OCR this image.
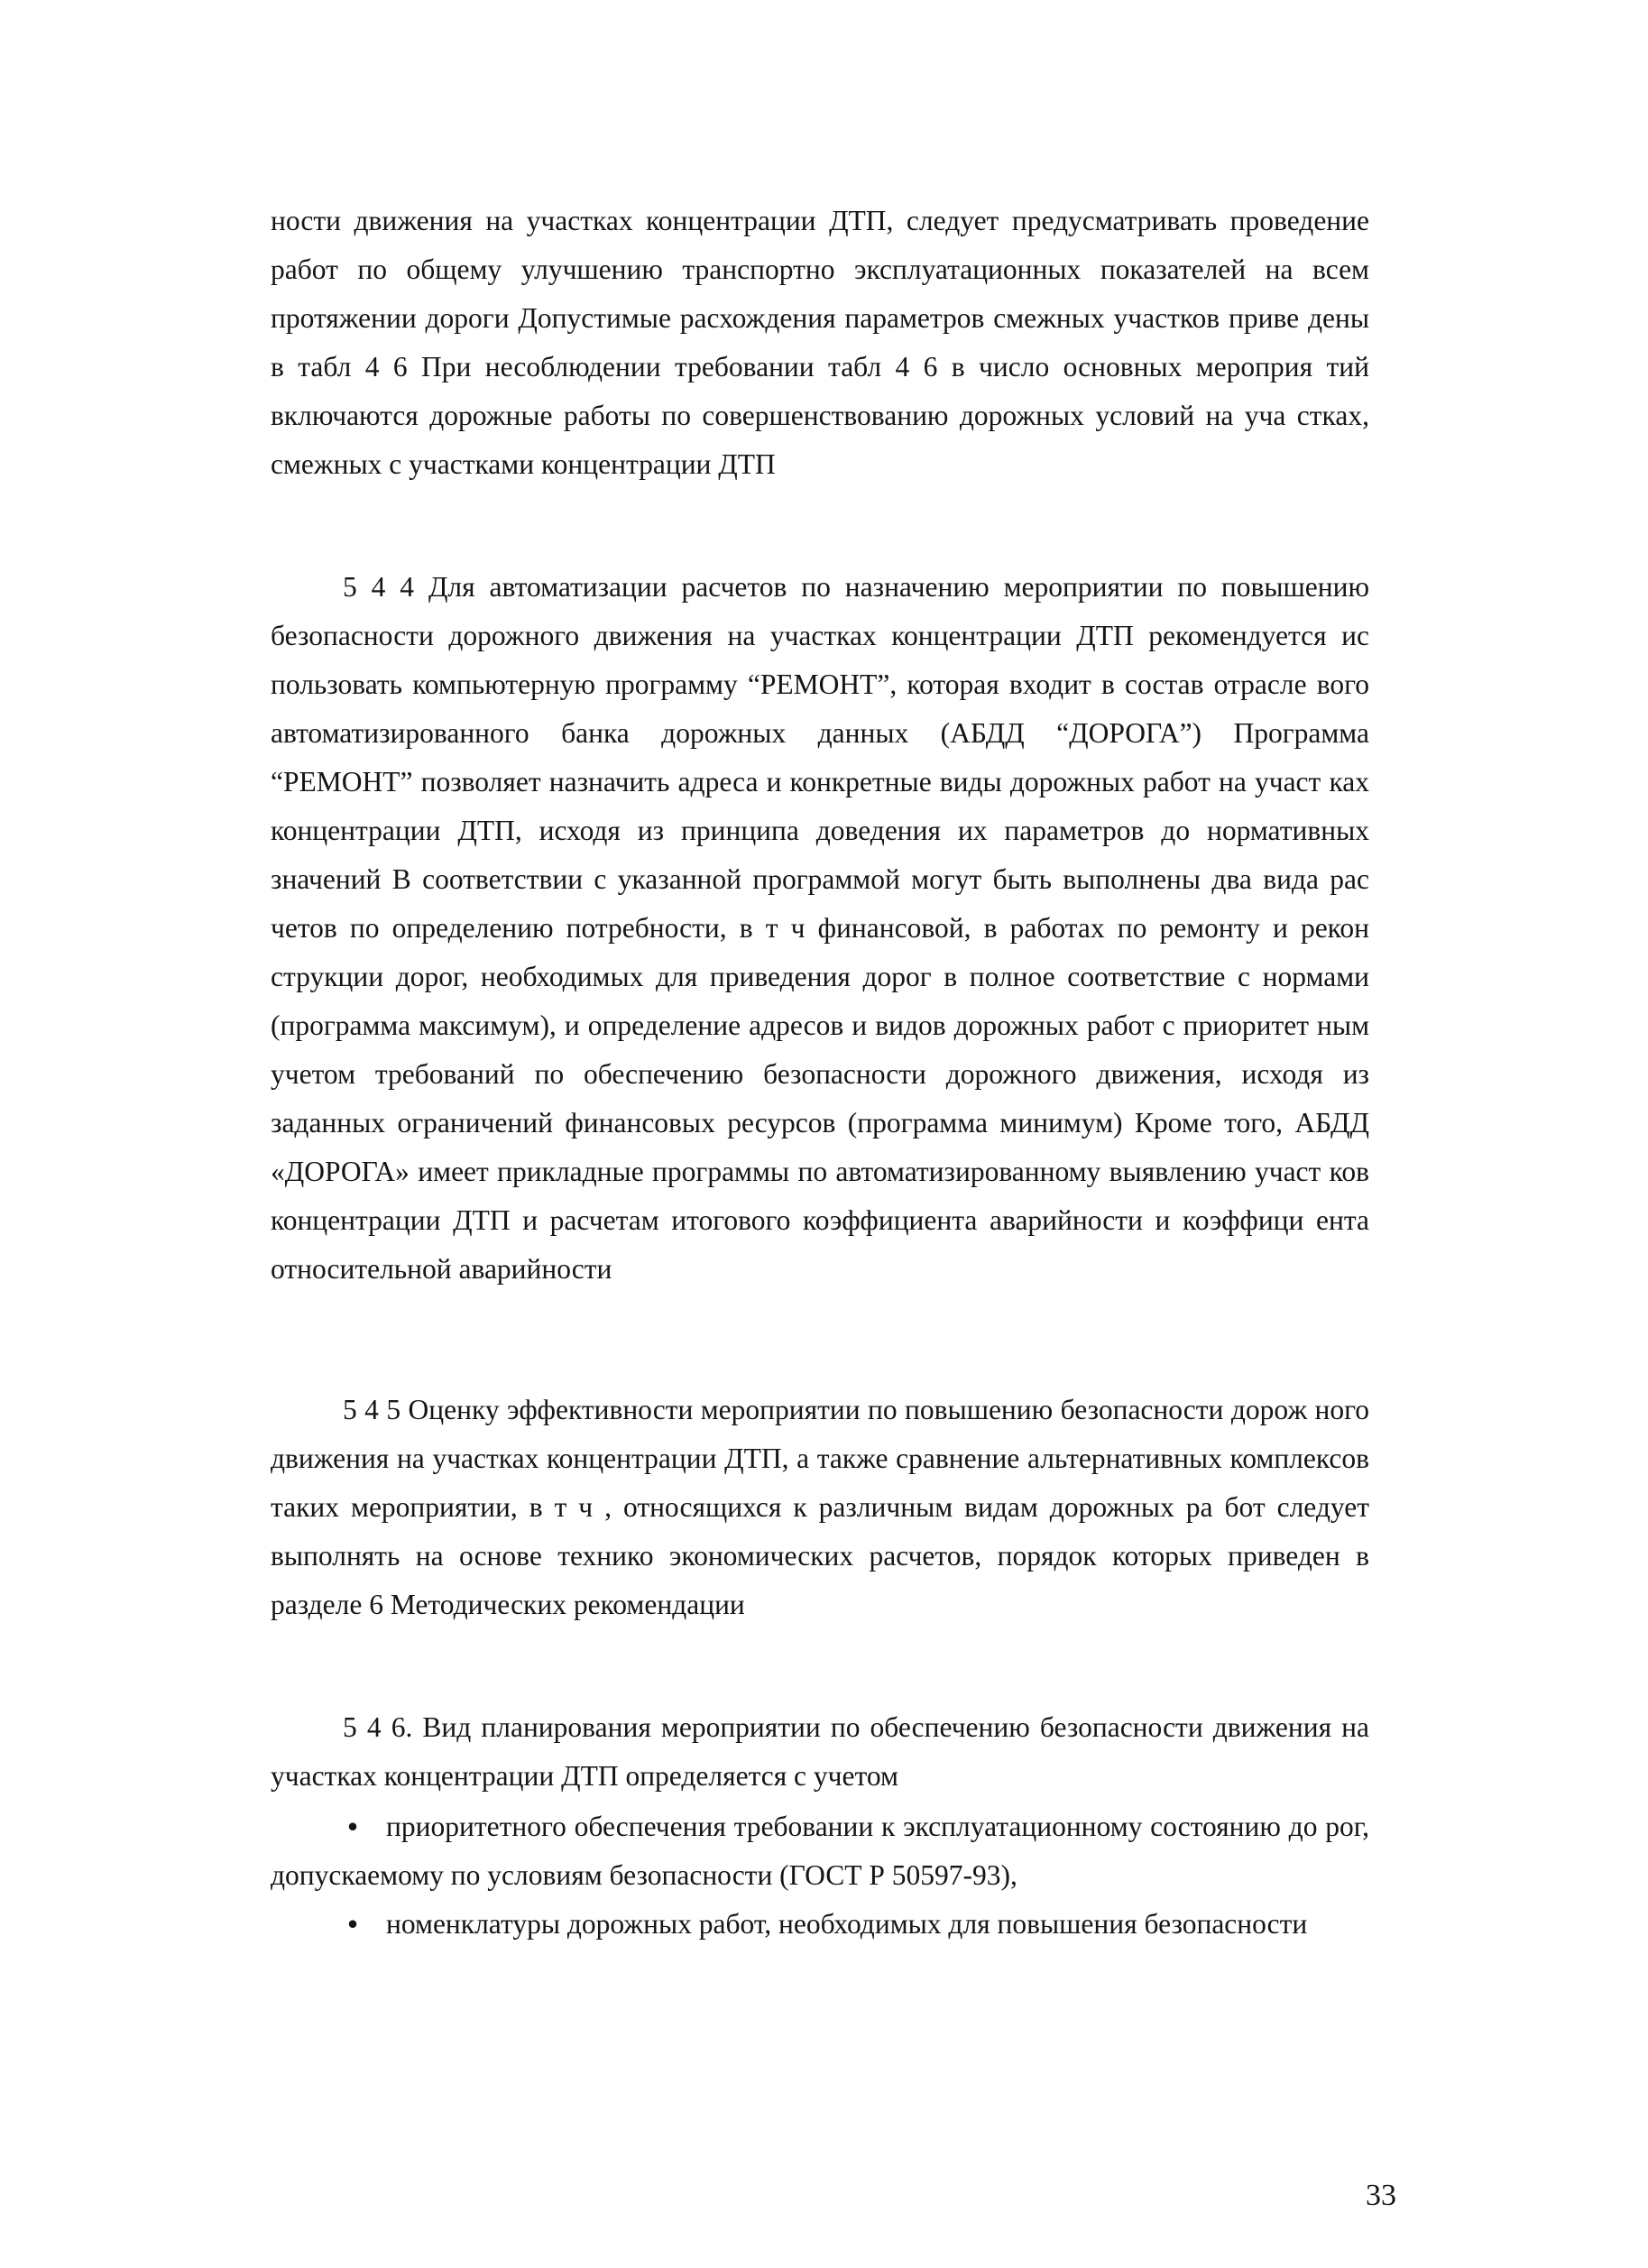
ности движения на участках концентрации ДТП, следует предусматривать проведение работ по общему улучшению транспортно эксплуатационных показателей на всем протяжении дороги Допустимые расхождения параметров смежных участков приве дены в табл 4 6 При несоблюдении требовании табл 4 6 в число основных мероприя тий включаются дорожные работы по совершенствованию дорожных условий на уча стках, смежных с участками концентрации ДТП

5 4 4 Для автоматизации расчетов по назначению мероприятии по повышению безопасности дорожного движения на участках концентрации ДТП рекомендуется ис пользовать компьютерную программу “РЕМОНТ”, которая входит в состав отрасле вого автоматизированного банка дорожных данных (АБДД “ДОРОГА”) Программа “РЕМОНТ” позволяет назначить адреса и конкретные виды дорожных работ на участ ках концентрации ДТП, исходя из принципа доведения их параметров до нормативных значений В соответствии с указанной программой могут быть выполнены два вида рас четов по определению потребности, в т ч финансовой, в работах по ремонту и рекон струкции дорог, необходимых для приведения дорог в полное соответствие с нормами (программа максимум), и определение адресов и видов дорожных работ с приоритет ным учетом требований по обеспечению безопасности дорожного движения, исходя из заданных ограничений финансовых ресурсов (программа минимум) Кроме того, АБДД «ДОРОГА» имеет прикладные программы по автоматизированному выявлению участ ков концентрации ДТП и расчетам итогового коэффициента аварийности и коэффици ента относительной аварийности

5 4 5 Оценку эффективности мероприятии по повышению безопасности дорож ного движения на участках концентрации ДТП, а также сравнение альтернативных комплексов таких мероприятии, в т ч , относящихся к различным видам дорожных ра бот следует выполнять на основе технико экономических расчетов, порядок которых приведен в разделе 6 Методических рекомендации

5 4 6. Вид планирования мероприятии по обеспечению безопасности движения на участках концентрации ДТП определяется с учетом

• приоритетного обеспечения требовании к эксплуатационному состоянию до рог, допускаемому по условиям безопасности (ГОСТ Р 50597-93),
• номенклатуры дорожных работ, необходимых для повышения безопасности
33
